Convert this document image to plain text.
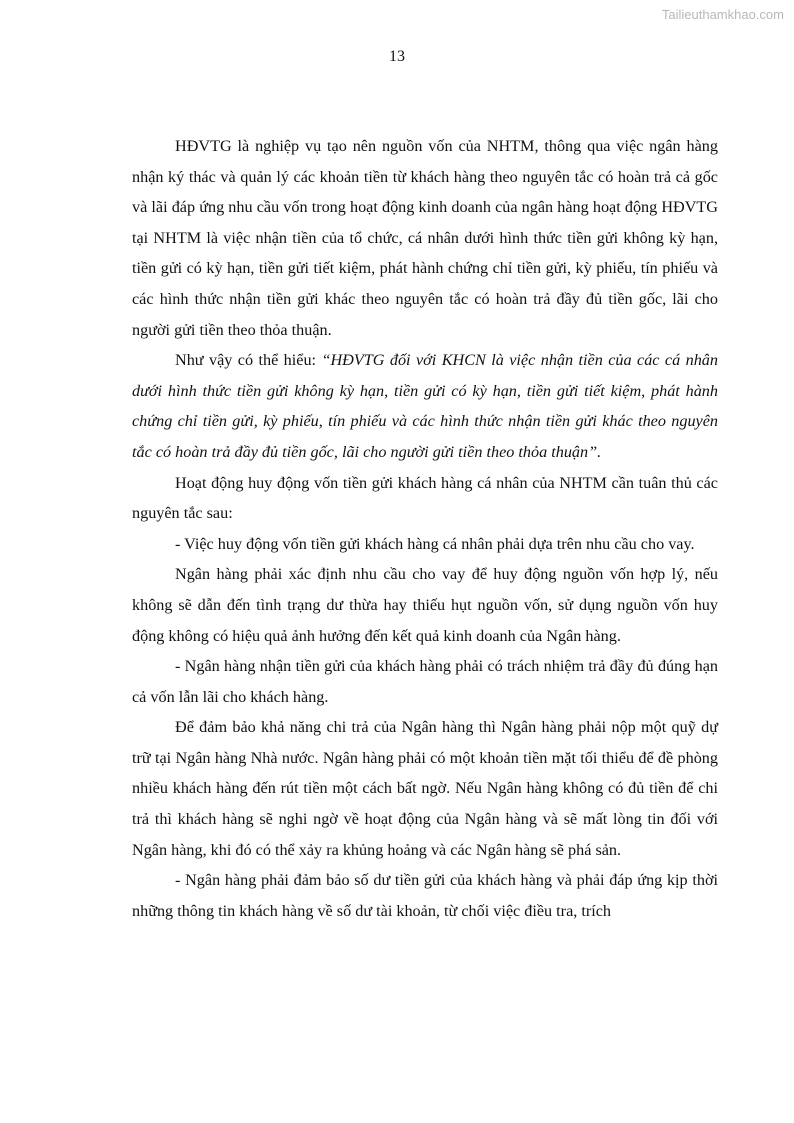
Tailieuthamkhao.com
13

HĐVTG là nghiệp vụ tạo nên nguồn vốn của NHTM, thông qua việc ngân hàng nhận ký thác và quản lý các khoản tiền từ khách hàng theo nguyên tắc có hoàn trả cả gốc và lãi đáp ứng nhu cầu vốn trong hoạt động kinh doanh của ngân hàng hoạt động HĐVTG tại NHTM là việc nhận tiền của tổ chức, cá nhân dưới hình thức tiền gửi không kỳ hạn, tiền gửi có kỳ hạn, tiền gửi tiết kiệm, phát hành chứng chỉ tiền gửi, kỳ phiếu, tín phiếu và các hình thức nhận tiền gửi khác theo nguyên tắc có hoàn trả đầy đủ tiền gốc, lãi cho người gửi tiền theo thỏa thuận.

Như vậy có thể hiểu: “HĐVTG đối với KHCN là việc nhận tiền của các cá nhân dưới hình thức tiền gửi không kỳ hạn, tiền gửi có kỳ hạn, tiền gửi tiết kiệm, phát hành chứng chỉ tiền gửi, kỳ phiếu, tín phiếu và các hình thức nhận tiền gửi khác theo nguyên tắc có hoàn trả đầy đủ tiền gốc, lãi cho người gửi tiền theo thỏa thuận”.

Hoạt động huy động vốn tiền gửi khách hàng cá nhân của NHTM cần tuân thủ các nguyên tắc sau:

- Việc huy động vốn tiền gửi khách hàng cá nhân phải dựa trên nhu cầu cho vay.

Ngân hàng phải xác định nhu cầu cho vay để huy động nguồn vốn hợp lý, nếu không sẽ dẫn đến tình trạng dư thừa hay thiếu hụt nguồn vốn, sử dụng nguồn vốn huy động không có hiệu quả ảnh hưởng đến kết quả kinh doanh của Ngân hàng.

- Ngân hàng nhận tiền gửi của khách hàng phải có trách nhiệm trả đầy đủ đúng hạn cả vốn lẫn lãi cho khách hàng.

Để đảm bảo khả năng chi trả của Ngân hàng thì Ngân hàng phải nộp một quỹ dự trữ tại Ngân hàng Nhà nước. Ngân hàng phải có một khoản tiền mặt tối thiểu để đề phòng nhiều khách hàng đến rút tiền một cách bất ngờ. Nếu Ngân hàng không có đủ tiền để chi trả thì khách hàng sẽ nghi ngờ về hoạt động của Ngân hàng và sẽ mất lòng tin đối với Ngân hàng, khi đó có thể xảy ra khủng hoảng và các Ngân hàng sẽ phá sản.

- Ngân hàng phải đảm bảo số dư tiền gửi của khách hàng và phải đáp ứng kịp thời những thông tin khách hàng về số dư tài khoản, từ chối việc điều tra, trích
